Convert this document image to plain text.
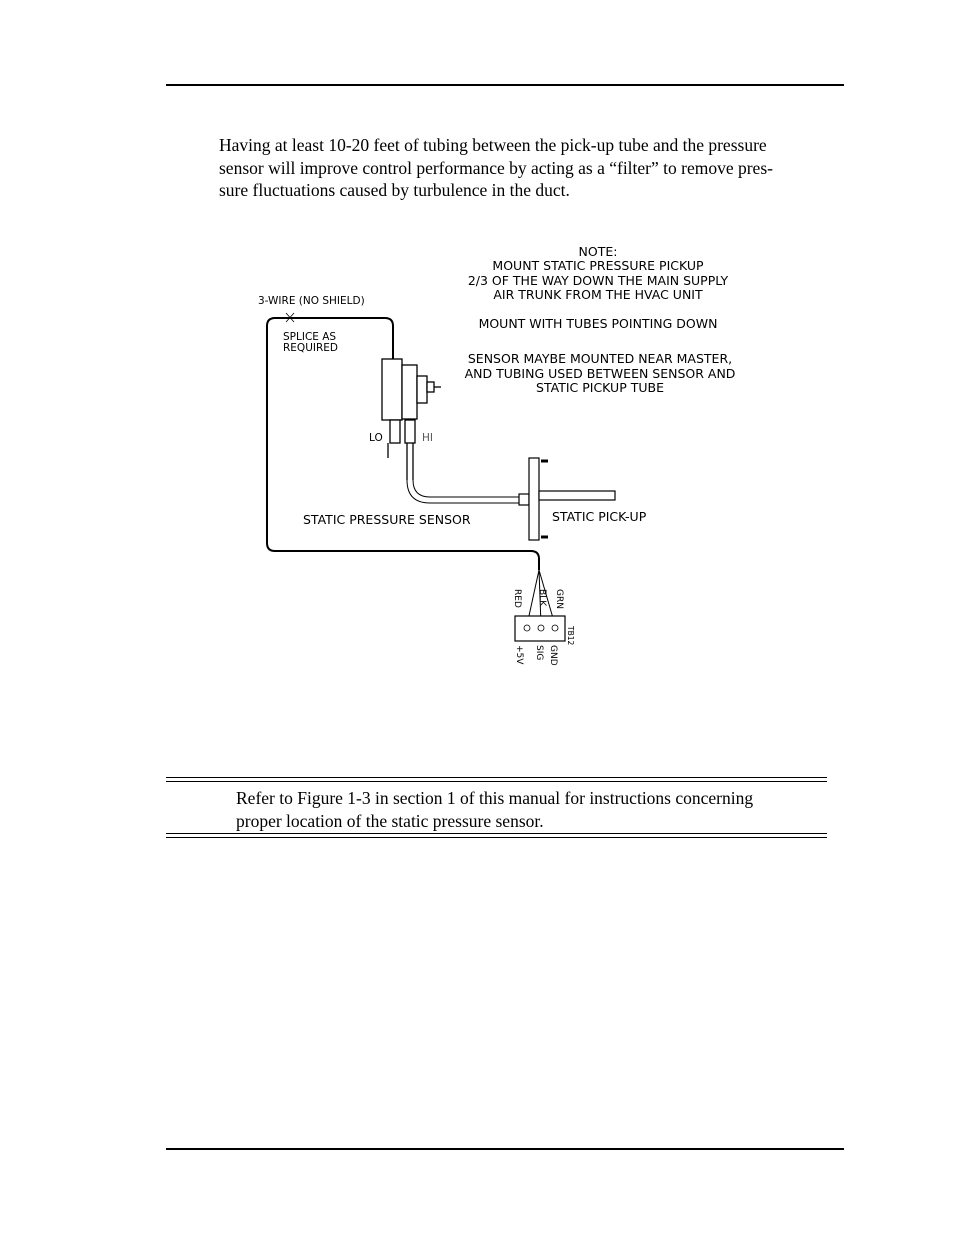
Having at least 10-20 feet of tubing between the pick-up tube and the pressure
sensor will improve control performance by acting as a “filter” to remove pres-
sure fluctuations caused by turbulence in the duct.
NOTE:
MOUNT STATIC PRESSURE PICKUP
2/3 OF THE WAY DOWN THE MAIN SUPPLY
AIR TRUNK FROM THE HVAC UNIT
MOUNT WITH TUBES POINTING DOWN
SENSOR MAYBE MOUNTED NEAR MASTER,
AND TUBING USED BETWEEN SENSOR AND
STATIC PICKUP TUBE
3-WIRE (NO SHIELD)
SPLICE AS
REQUIRED
LO	HI
STATIC PRESSURE SENSOR	STATIC PICK-UP
RED BLK GRN
TB12
+5V SIG GND

Refer to Figure 1-3 in section 1 of this manual for instructions concerning

proper location of the static pressure sensor.
